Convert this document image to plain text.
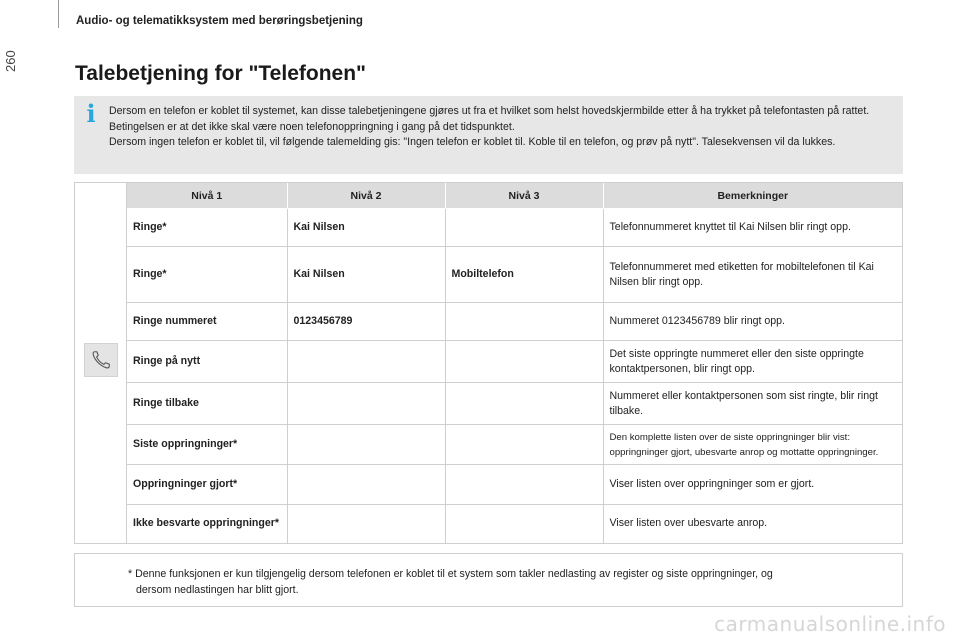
260
Audio- og telematikksystem med berøringsbetjening
Talebetjening for "Telefonen"
i Dersom en telefon er koblet til systemet, kan disse talebetjeningene gjøres ut fra et hvilket som helst hovedskjermbilde etter å ha trykket på telefontasten på rattet. Betingelsen er at det ikke skal være noen telefonoppringning i gang på det tidspunktet.

Dersom ingen telefon er koblet til, vil følgende talemelding gis: "Ingen telefon er koblet til. Koble til en telefon, og prøv på nytt". Talesekvensen vil da lukkes.

Nivå 1	Nivå 2	Nivå 3	Bemerkninger
Ringe*	Kai Nilsen		Telefonnummeret knyttet til Kai Nilsen blir ringt opp.
Ringe*	Kai Nilsen	Mobiltelefon	Telefonnummeret med etiketten for mobiltelefonen til Kai Nilsen blir ringt opp.
Ringe nummeret	0123456789		Nummeret 0123456789 blir ringt opp.
Ringe på nytt			Det siste oppringte nummeret eller den siste oppringte kontaktpersonen, blir ringt opp.
Ringe tilbake			Nummeret eller kontaktpersonen som sist ringte, blir ringt tilbake.
Siste oppringninger*			Den komplette listen over de siste oppringninger blir vist: oppringninger gjort, ubesvarte anrop og mottatte oppringninger.
Oppringninger gjort*			Viser listen over oppringninger som er gjort.
Ikke besvarte oppringninger*			Viser listen over ubesvarte anrop.
* Denne funksjonen er kun tilgjengelig dersom telefonen er koblet til et system som takler nedlasting av register og siste oppringninger, og
dersom nedlastingen har blitt gjort.
carmanualsonline.info
